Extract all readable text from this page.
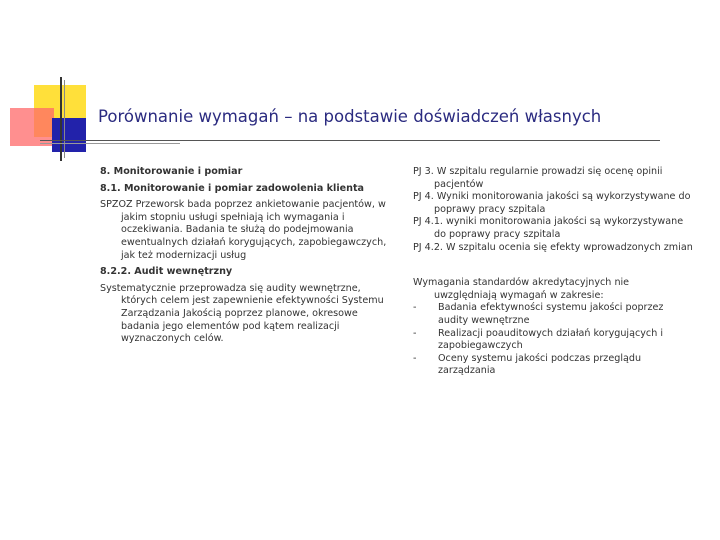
Porównanie wymagań – na podstawie doświadczeń własnych
8. Monitorowanie i pomiar
8.1. Monitorowanie i pomiar zadowolenia klienta
SPZOZ Przeworsk bada poprzez ankietowanie pacjentów, w jakim stopniu usługi spełniają ich wymagania i oczekiwania. Badania te służą do podejmowania ewentualnych działań korygujących, zapobiegawczych, jak też modernizacji usług
8.2.2. Audit wewnętrzny
Systematycznie przeprowadza się audity wewnętrzne, których celem jest zapewnienie efektywności Systemu Zarządzania Jakością poprzez planowe, okresowe badania jego elementów pod kątem realizacji wyznaczonych celów.
PJ 3. W szpitalu regularnie prowadzi się ocenę opinii pacjentów
PJ 4. Wyniki monitorowania jakości są wykorzystywane do poprawy pracy szpitala
PJ 4.1. wyniki monitorowania jakości są wykorzystywane do poprawy pracy szpitala
PJ 4.2. W szpitalu ocenia się efekty wprowadzonych zmian
Wymagania standardów akredytacyjnych nie uwzględniają wymagań w zakresie:
- Badania efektywności systemu jakości poprzez audity wewnętrzne
- Realizacji poauditowych działań korygujących i zapobiegawczych
- Oceny systemu jakości podczas przeglądu zarządzania
